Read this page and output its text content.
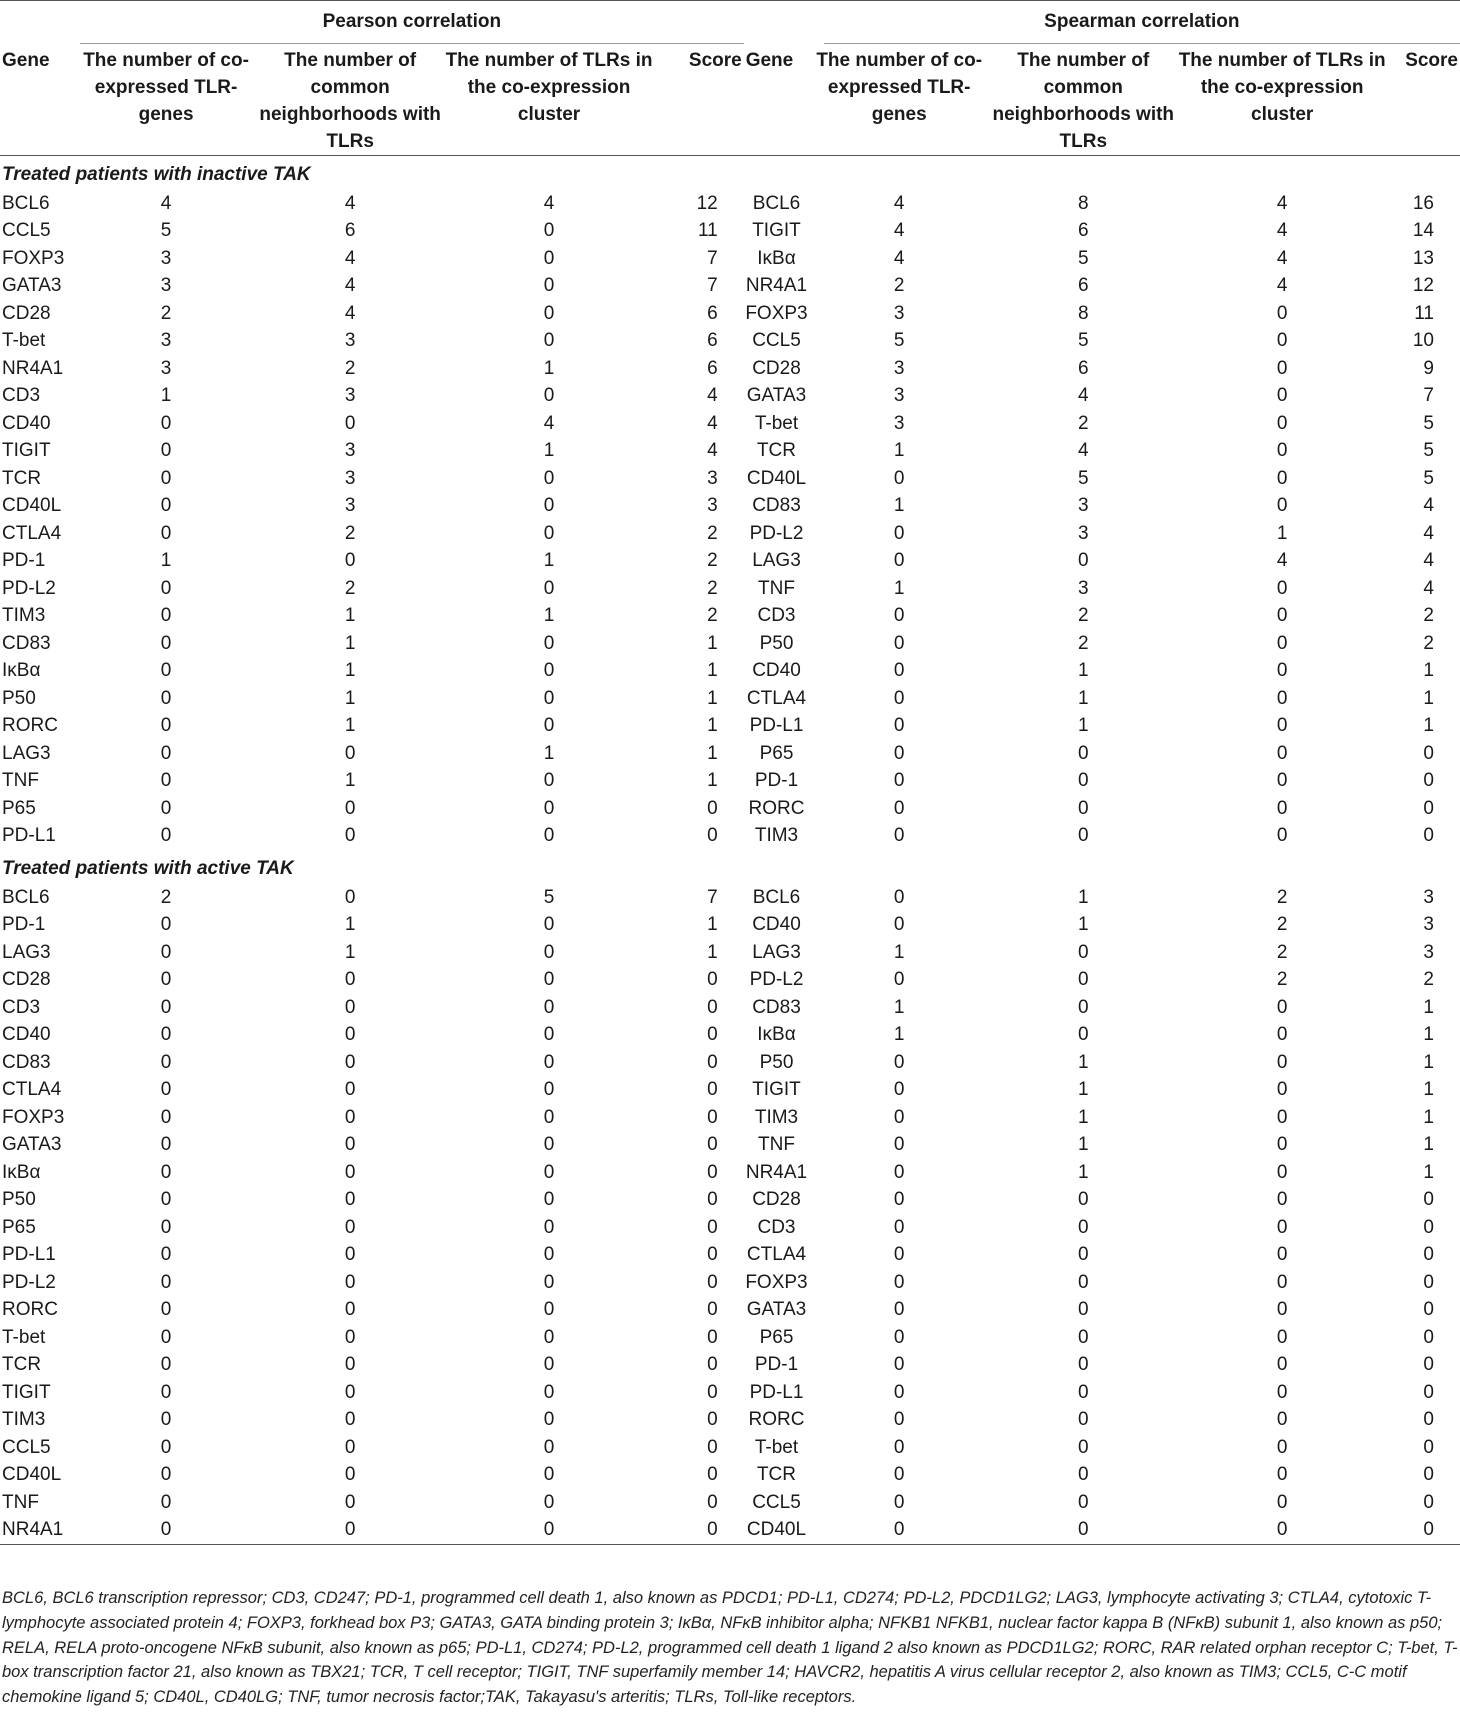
Pearson correlation					Spearman correlation				

Gene	The number of co-expressed TLR-genes	The number of common neighborhoods with TLRs	The number of TLRs in the co-expression cluster	Score	Gene	The number of co-expressed TLR-genes	The number of common neighborhoods with TLRs	The number of TLRs in the co-expression cluster	Score
Treated patients with inactive TAK									
BCL6	4	4	4	12	BCL6	4	8	4	16
CCL5	5	6	0	11	TIGIT	4	6	4	14
FOXP3	3	4	0	7	IκBα	4	5	4	13
GATA3	3	4	0	7	NR4A1	2	6	4	12
CD28	2	4	0	6	FOXP3	3	8	0	11
T-bet	3	3	0	6	CCL5	5	5	0	10
NR4A1	3	2	1	6	CD28	3	6	0	9
CD3	1	3	0	4	GATA3	3	4	0	7
CD40	0	0	4	4	T-bet	3	2	0	5
TIGIT	0	3	1	4	TCR	1	4	0	5
TCR	0	3	0	3	CD40L	0	5	0	5
CD40L	0	3	0	3	CD83	1	3	0	4
CTLA4	0	2	0	2	PD-L2	0	3	1	4
PD-1	1	0	1	2	LAG3	0	0	4	4
PD-L2	0	2	0	2	TNF	1	3	0	4
TIM3	0	1	1	2	CD3	0	2	0	2
CD83	0	1	0	1	P50	0	2	0	2
IκBα	0	1	0	1	CD40	0	1	0	1
P50	0	1	0	1	CTLA4	0	1	0	1
RORC	0	1	0	1	PD-L1	0	1	0	1
LAG3	0	0	1	1	P65	0	0	0	0
TNF	0	1	0	1	PD-1	0	0	0	0
P65	0	0	0	0	RORC	0	0	0	0
PD-L1	0	0	0	0	TIM3	0	0	0	0
Treated patients with active TAK									
BCL6	2	0	5	7	BCL6	0	1	2	3
PD-1	0	1	0	1	CD40	0	1	2	3
LAG3	0	1	0	1	LAG3	1	0	2	3
CD28	0	0	0	0	PD-L2	0	0	2	2
CD3	0	0	0	0	CD83	1	0	0	1
CD40	0	0	0	0	IκBα	1	0	0	1
CD83	0	0	0	0	P50	0	1	0	1
CTLA4	0	0	0	0	TIGIT	0	1	0	1
FOXP3	0	0	0	0	TIM3	0	1	0	1
GATA3	0	0	0	0	TNF	0	1	0	1
IκBα	0	0	0	0	NR4A1	0	1	0	1
P50	0	0	0	0	CD28	0	0	0	0
P65	0	0	0	0	CD3	0	0	0	0
PD-L1	0	0	0	0	CTLA4	0	0	0	0
PD-L2	0	0	0	0	FOXP3	0	0	0	0
RORC	0	0	0	0	GATA3	0	0	0	0
T-bet	0	0	0	0	P65	0	0	0	0
TCR	0	0	0	0	PD-1	0	0	0	0
TIGIT	0	0	0	0	PD-L1	0	0	0	0
TIM3	0	0	0	0	RORC	0	0	0	0
CCL5	0	0	0	0	T-bet	0	0	0	0
CD40L	0	0	0	0	TCR	0	0	0	0
TNF	0	0	0	0	CCL5	0	0	0	0
NR4A1	0	0	0	0	CD40L	0	0	0	0
BCL6, BCL6 transcription repressor; CD3, CD247; PD-1, programmed cell death 1, also known as PDCD1; PD-L1, CD274; PD-L2, PDCD1LG2; LAG3, lymphocyte activating 3; CTLA4, cytotoxic T-lymphocyte associated protein 4; FOXP3, forkhead box P3; GATA3, GATA binding protein 3; IκBα, NFκB inhibitor alpha; NFKB1 NFKB1, nuclear factor kappa B (NFκB) subunit 1, also known as p50; RELA, RELA proto-oncogene NFκB subunit, also known as p65; PD-L1, CD274; PD-L2, programmed cell death 1 ligand 2 also known as PDCD1LG2; RORC, RAR related orphan receptor C; T-bet, T-box transcription factor 21, also known as TBX21; TCR, T cell receptor; TIGIT, TNF superfamily member 14; HAVCR2, hepatitis A virus cellular receptor 2, also known as TIM3; CCL5, C-C motif chemokine ligand 5; CD40L, CD40LG; TNF, tumor necrosis factor;TAK, Takayasu's arteritis; TLRs, Toll-like receptors.
